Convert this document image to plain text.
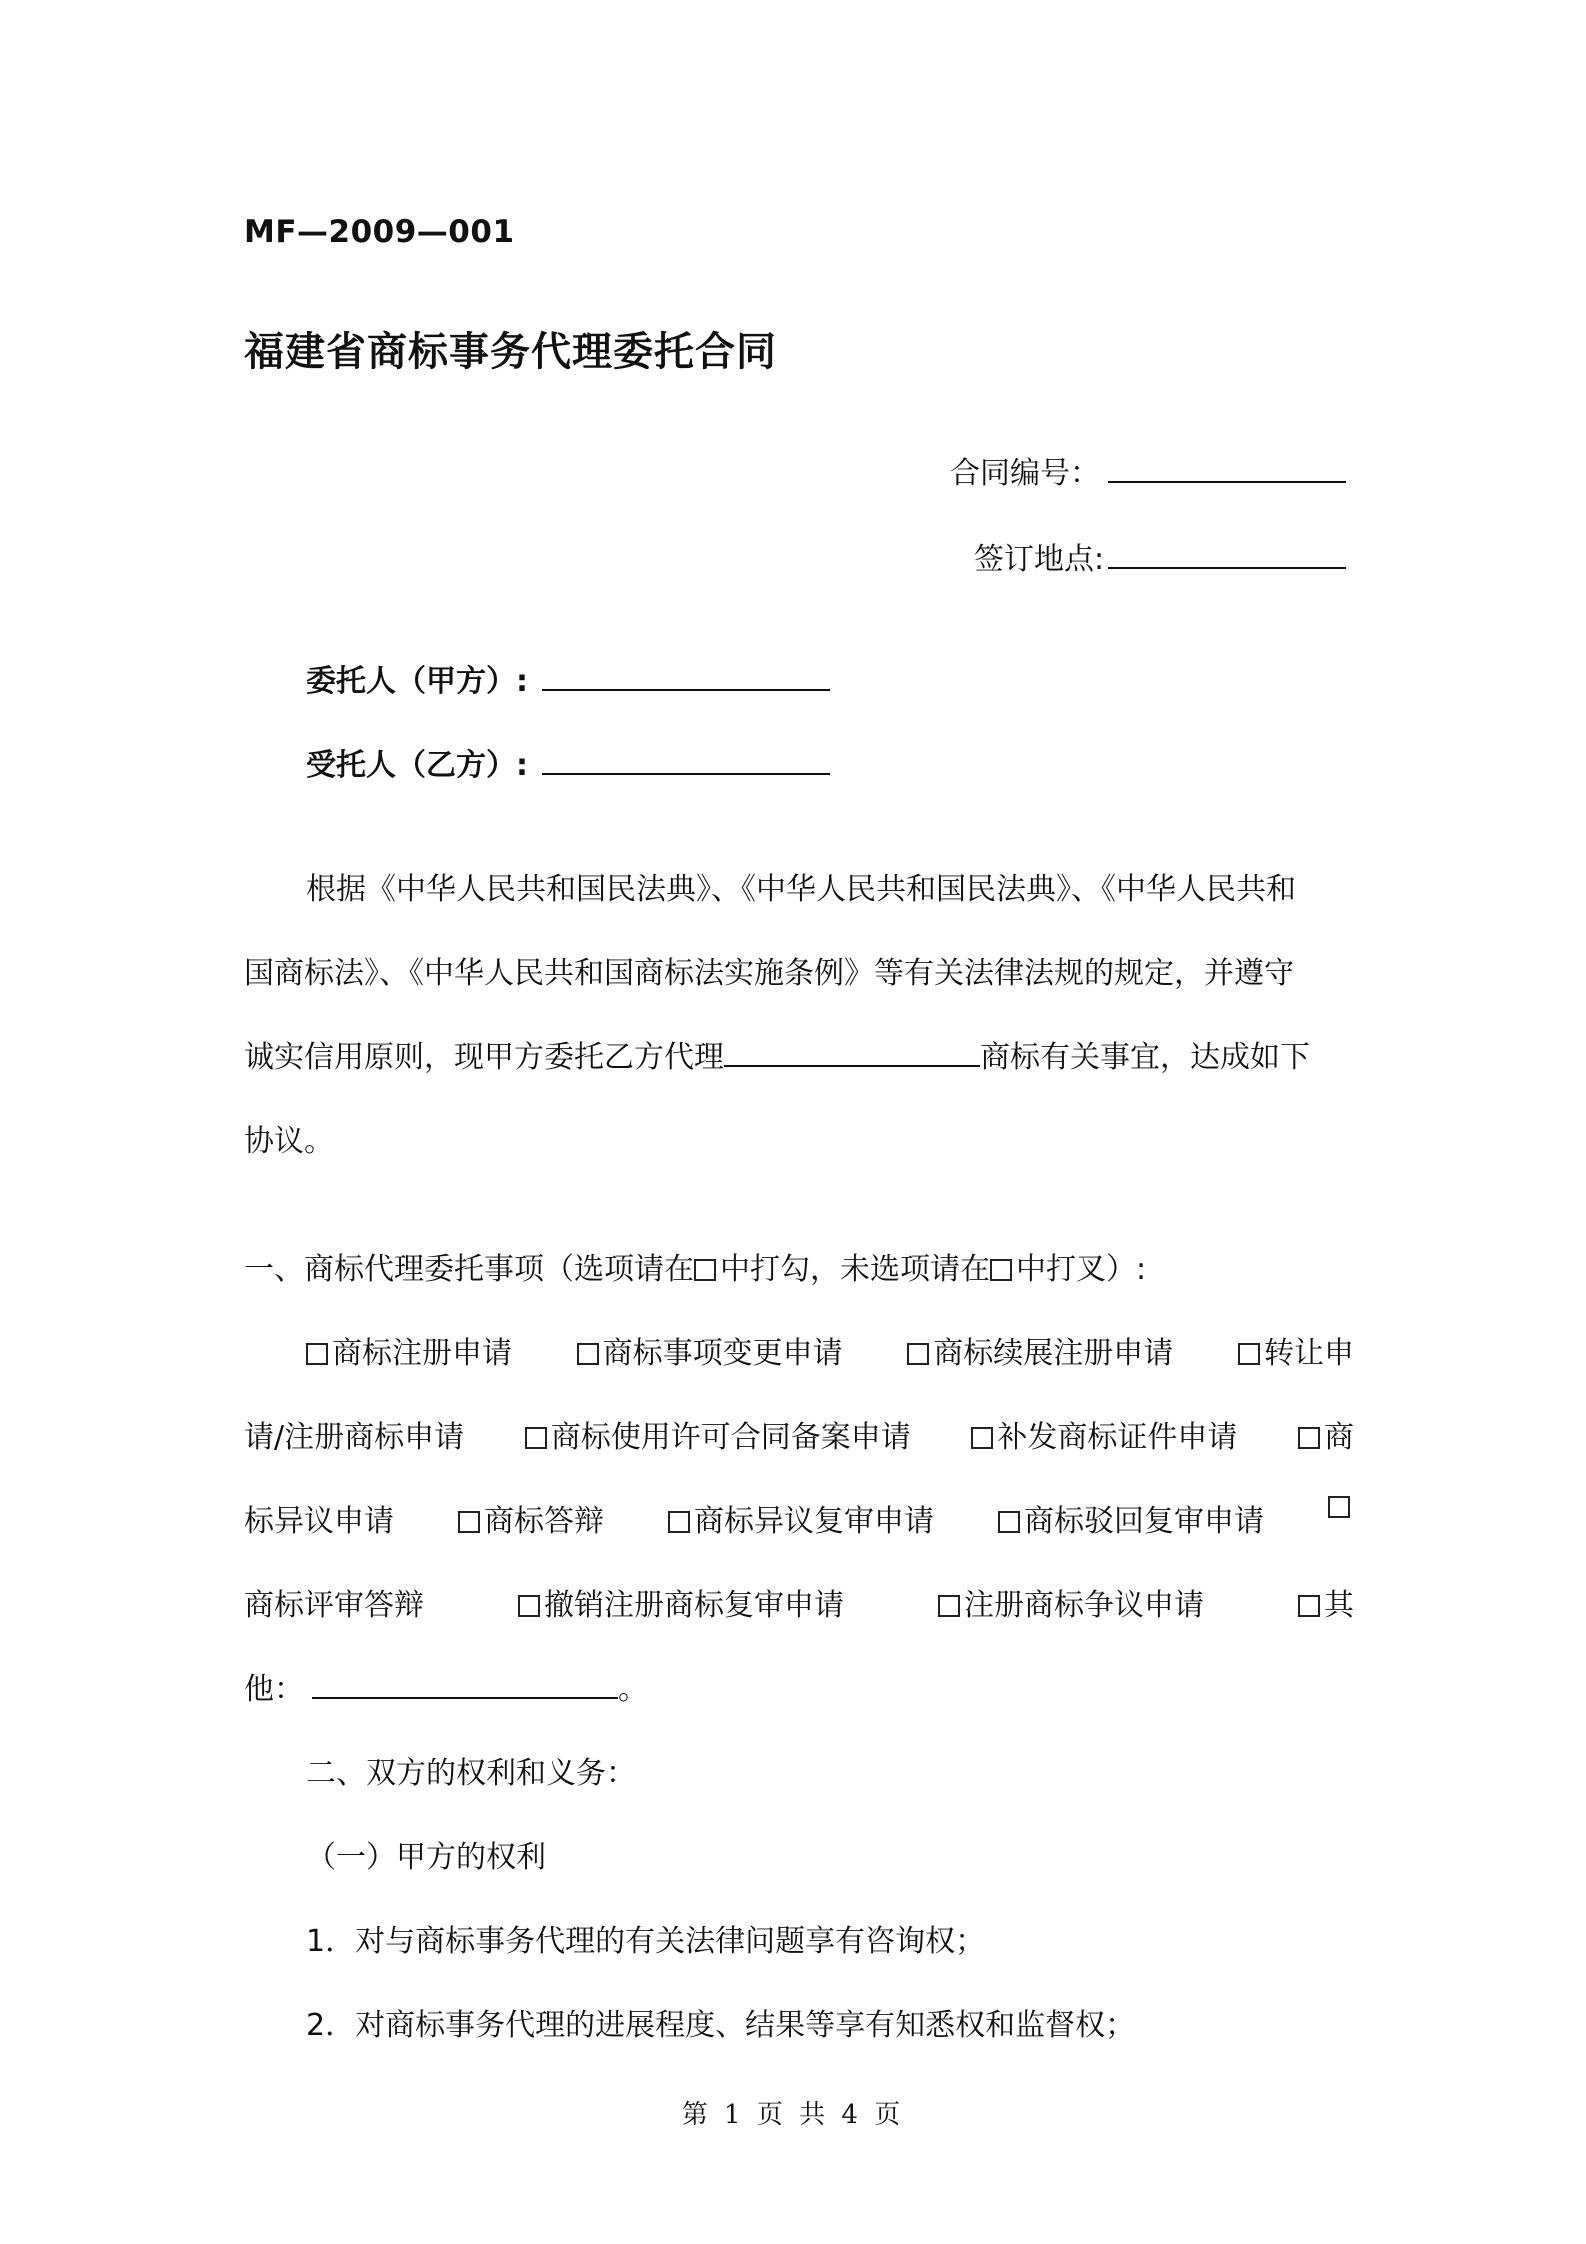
MF—2009—001
福建省商标事务代理委托合同
合同编号：
签订地点:
委托人（甲方）:
受托人（乙方）:
根据《中华人民共和国民法典》、《中华人民共和国民法典》、《中华人民共和
国商标法》、《中华人民共和国商标法实施条例》等有关法律法规的规定，并遵守
诚实信用原则，现甲方委托乙方代理	商标有关事宜，达成如下
协议。
一、商标代理委托事项（选项请在 中打勾，未选项请在 中打叉）:
商标注册申请	商标事项变更申请	商标续展注册申请	转让申
请/注册商标申请	商标使用许可合同备案申请	补发商标证件申请	商
标异议申请	商标答辩	商标异议复审申请	商标驳回复审申请
商标评审答辩	撤销注册商标复审申请	注册商标争议申请	其
他：	。
二、双方的权利和义务：
（一）甲方的权利
1．对与商标事务代理的有关法律问题享有咨询权；
2．对商标事务代理的进展程度、结果等享有知悉权和监督权；
第 1 页 共 4 页
